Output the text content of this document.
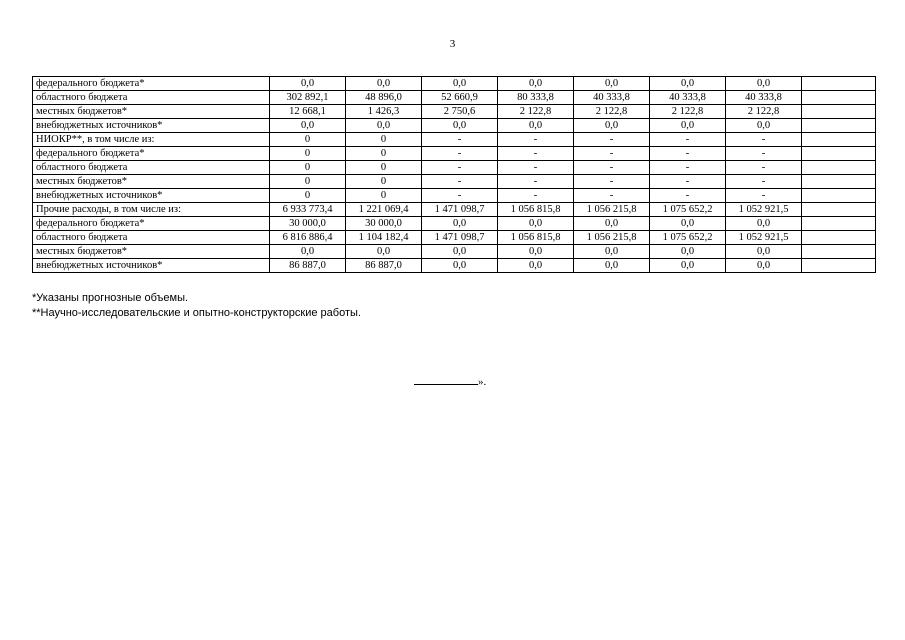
3
федерального бюджета*	0,0	0,0	0,0	0,0	0,0	0,0	0,0	
областного бюджета	302 892,1	48 896,0	52 660,9	80 333,8	40 333,8	40 333,8	40 333,8	
местных бюджетов*	12 668,1	1 426,3	2 750,6	2 122,8	2 122,8	2 122,8	2 122,8	
внебюджетных источников*	0,0	0,0	0,0	0,0	0,0	0,0	0,0	
НИОКР**, в том числе из:	0	0	-	-	-	-	-	
федерального бюджета*	0	0	-	-	-	-	-	
областного бюджета	0	0	-	-	-	-	-	
местных бюджетов*	0	0	-	-	-	-	-	
внебюджетных источников*	0	0	-	-	-	-	-	
Прочие расходы, в том числе из:	6 933 773,4	1 221 069,4	1 471 098,7	1 056 815,8	1 056 215,8	1 075 652,2	1 052 921,5	
федерального бюджета*	30 000,0	30 000,0	0,0	0,0	0,0	0,0	0,0	
областного бюджета	6 816 886,4	1 104 182,4	1 471 098,7	1 056 815,8	1 056 215,8	1 075 652,2	1 052 921,5	
местных бюджетов*	0,0	0,0	0,0	0,0	0,0	0,0	0,0	
внебюджетных источников*	86 887,0	86 887,0	0,0	0,0	0,0	0,0	0,0	
*Указаны прогнозные объемы.
**Научно-исследовательские и опытно-конструкторские работы.
».
